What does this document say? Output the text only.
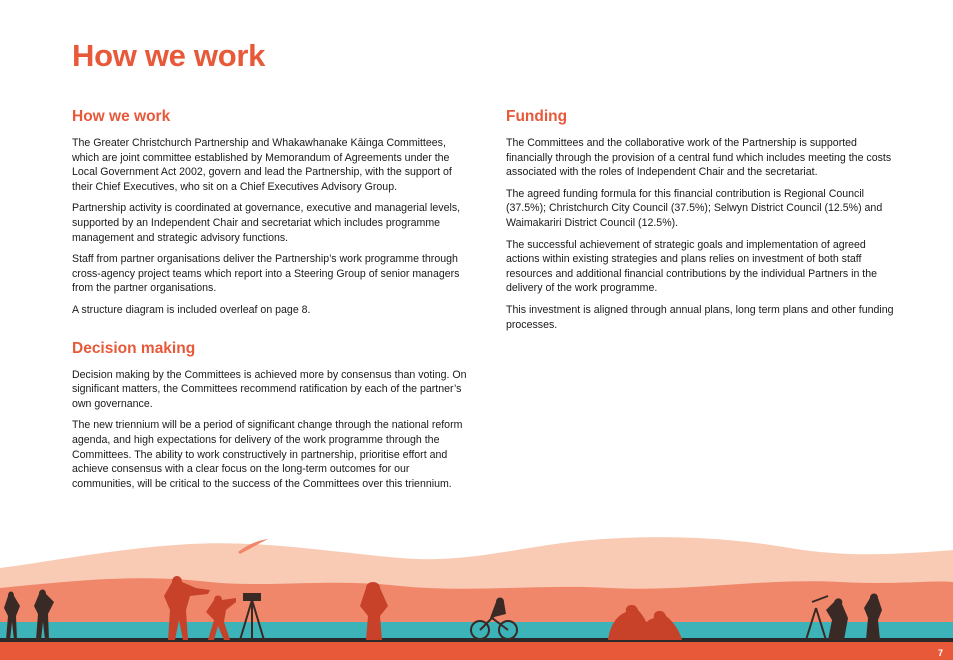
How we work
How we work

The Greater Christchurch Partnership and Whakawhanake Kāinga Committees, which are joint committee established by Memorandum of Agreements under the Local Government Act 2002, govern and lead the Partnership, with the support of their Chief Executives, who sit on a Chief Executives Advisory Group.

Partnership activity is coordinated at governance, executive and managerial levels, supported by an Independent Chair and secretariat which includes programme management and strategic advisory functions.

Staff from partner organisations deliver the Partnership’s work programme through cross-agency project teams which report into a Steering Group of senior managers from the partner organisations.

A structure diagram is included overleaf on page 8.

Decision making

Decision making by the Committees is achieved more by consensus than voting. On significant matters, the Committees recommend ratification by each of the partner’s own governance.

The new triennium will be a period of significant change through the national reform agenda, and high expectations for delivery of the work programme through the Committees. The ability to work constructively in partnership, prioritise effort and achieve consensus with a clear focus on the long-term outcomes for our communities, will be critical to the success of the Committees over this triennium.

Funding

The Committees and the collaborative work of the Partnership is supported financially through the provision of a central fund which includes meeting the costs associated with the roles of Independent Chair and the secretariat.

The agreed funding formula for this financial contribution is Regional Council (37.5%); Christchurch City Council (37.5%); Selwyn District Council (12.5%) and Waimakariri District Council (12.5%).

The successful achievement of strategic goals and implementation of agreed actions within existing strategies and plans relies on investment of both staff resources and additional financial contributions by the individual Partners in the delivery of the work programme.

This investment is aligned through annual plans, long term plans and other funding processes.

7
